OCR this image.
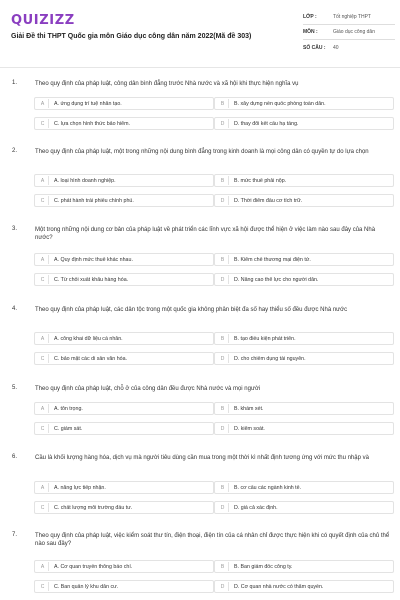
QUIZIZZ
Giải Đề thi THPT Quốc gia môn Giáo dục công dân năm 2022(Mã đề 303)
LỚP :	Tốt nghiệp THPT
MÔN :	Giáo dục công dân
SỐ CÂU :	40
1.	Theo quy định của pháp luật, công dân bình đẳng trước Nhà nước và xã hội khi thực hiện nghĩa vụ
A	A. ứng dụng trí tuệ nhân tạo.	B	B. xây dựng nền quốc phòng toàn dân.
C	C. lựa chọn hình thức bảo hiểm.	D	D. thay đổi kết cấu hạ tầng.
2.	Theo quy định của pháp luật, một trong những nội dung bình đẳng trong kinh doanh là mọi công dân có quyền tự do lựa chọn
A	A. loại hình doanh nghiệp.	B	B. mức thuế phải nộp.
C	C. phát hành trái phiếu chính phủ.	D	D. Thời điểm đầu cơ tích trữ.
3.	Một trong những nội dung cơ bản của pháp luật về phát triển các lĩnh vực xã hội được thể hiện ở việc làm nào sau đây của Nhà nước?
A	A. Quy định mức thuế khác nhau.	B	B. Kiểm chế thương mại điện tử.
C	C. Từ chối xuất khẩu hàng hóa.	D	D. Nâng cao thể lực cho người dân.
4.	Theo quy định của pháp luật, các dân tộc trong một quốc gia không phân biệt đa số hay thiểu số đều được Nhà nước
A	A. công khai dữ liệu cá nhân.	B	B. tạo điều kiện phát triển.
C	C. bảo mật các di sản văn hóa.	D	D. cho chiếm dụng tài nguyên.
5.	Theo quy định của pháp luật, chỗ ở của công dân đều được Nhà nước và mọi người
A	A. tôn trọng.	B	B. khám xét.
C	C. giám sát.	D	D. kiểm soát.
6.	Cầu là khối lượng hàng hóa, dịch vụ mà người tiêu dùng cần mua trong một thời kì nhất định tương ứng với mức thu nhập và
A	A. năng lực tiếp nhận.	B	B. cơ cấu các ngành kinh tế.
C	C. chất lượng môi trường đầu tư.	D	D. giá cả xác định.
7.	Theo quy định của pháp luật, việc kiểm soát thư tín, điện thoại, điện tín của cá nhân chỉ được thực hiện khi có quyết định của chủ thể nào sau đây?
A	A. Cơ quan truyền thông báo chí.	B	B. Ban giám đốc công ty.
C	C. Ban quản lý khu dân cư.	D	D. Cơ quan nhà nước có thẩm quyền.
